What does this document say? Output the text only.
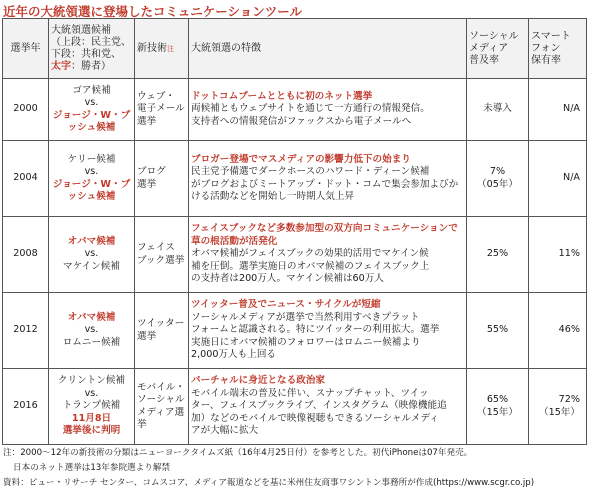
近年の大統領選に登場したコミュニケーションツール
選挙年	大統領選候補
（上段：民主党、
下段：共和党、
太字：勝者）	新技術$^注$	大統領選の特徴	ソーシャル
メディア
普及率	スマート
フォン
保有率

2000	ゴア候補
vs.
ジョージ・W・ブッシュ候補	ウェブ・
電子メール
選挙	ドットコムブームとともに初のネット選挙
両候補ともウェブサイトを通じて一方通行の情報発信。
支持者への情報発信がファックスから電子メールへ	未導入	N/A

2004	ケリー候補
vs.
ジョージ・W・ブッシュ候補	ブログ
選挙	ブロガー登場でマスメディアの影響力低下の始まり
民主党予備選でダークホースのハワード・ディーン候補
がブログおよびミートアップ・ドット・コムで集会参加よびか
ける活動などを開始し一時期人気上昇	7%
（05年）	N/A

2008	オバマ候補
vs.
マケイン候補	フェイス
ブック選挙	フェイスブックなど多数参加型の双方向コミュニケーションで草の根活動が活発化
オバマ候補がフェイスブックの効果的活用でマケイン候
補を圧倒。選挙実施日のオバマ候補のフェイスブック上
の支持者は200万人。マケイン候補は60万人	25%	11%

2012	オバマ候補
vs.
ロムニー候補	ツイッター
選挙	ツイッター普及でニュース・サイクルが短縮
ソーシャルメディアが選挙で当然利用すべきプラット
フォームと認識される。特にツイッターの利用拡大。選挙
実施日にオバマ候補のフォロワーはロムニー候補より
2,000万人も上回る	55%	46%

2016	クリントン候補
vs.
トランプ候補
11月8日
選挙後に判明	モバイル・
ソーシャル
メディア選
挙	バーチャルに身近となる政治家
モバイル端末の普及に伴い、スナップチャット、ツイッ
ター、フェイスブックライブ、インスタグラム（映像機能追
加）などのモバイルで映像視聴もできるソーシャルメディ
アが大幅に拡大	65%
（15年）	72%
（15年）
注：2000〜12年の新技術の分類はニューヨークタイムズ紙（16年4月25日付）を参考とした。初代iPhoneは07年発売。
日本のネット選挙は13年参院選より解禁
資料：ピュー・リサーチ センター、コムスコア、メディア報道などを基に米州住友商事ワシントン事務所が作成(https://www.scgr.co.jp)
